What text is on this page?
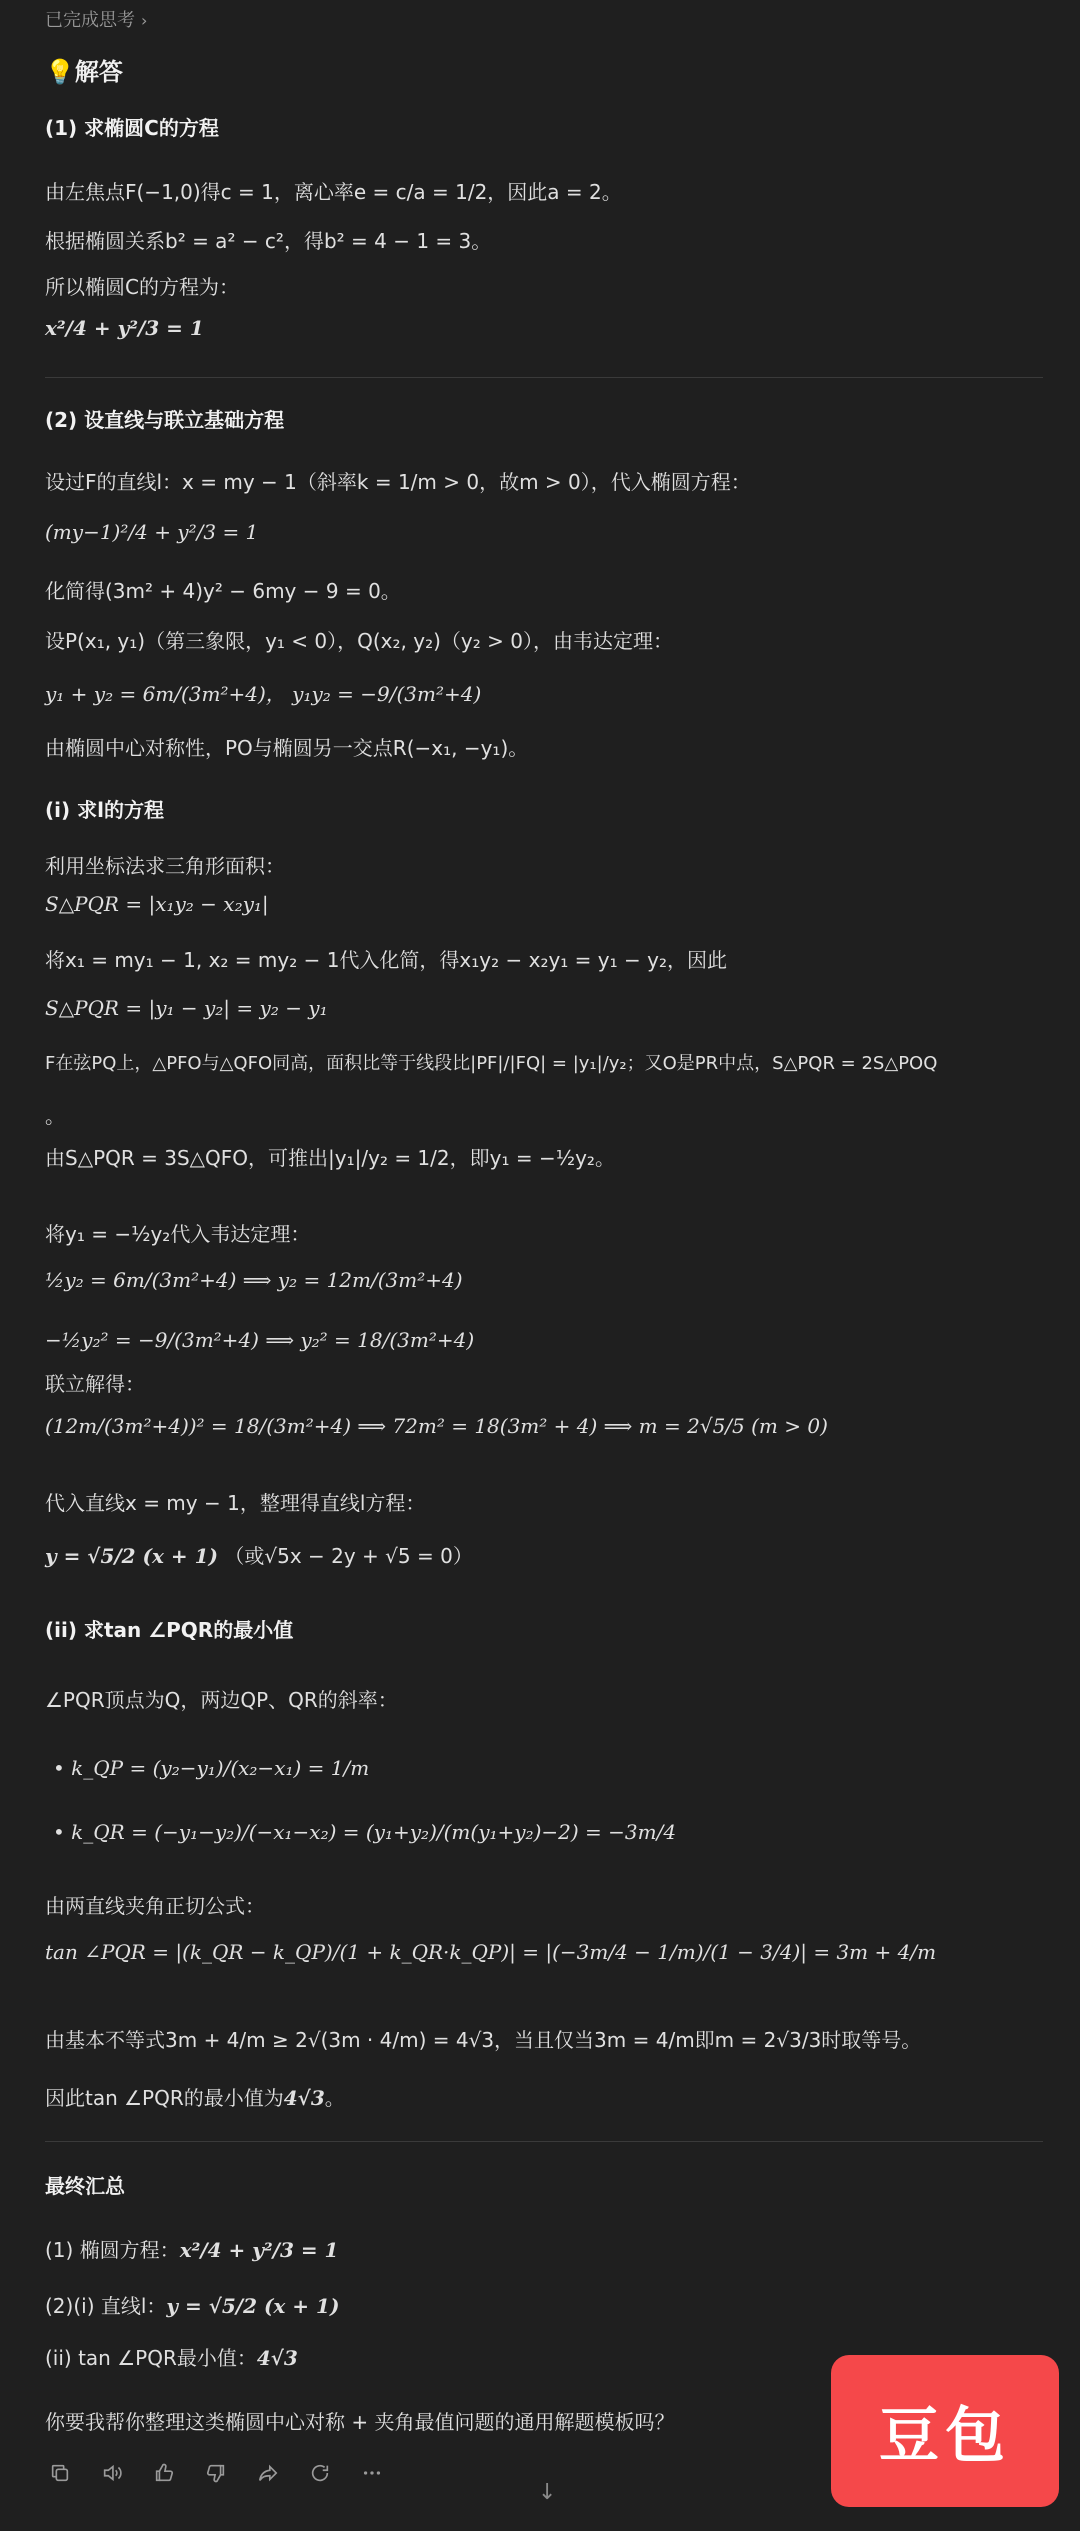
已完成思考 ›
💡解答
(1) 求椭圆C的方程
由左焦点F(−1,0)得c = 1，离心率e = c/a = 1/2，因此a = 2。
根据椭圆关系b² = a² − c²，得b² = 4 − 1 = 3。
所以椭圆C的方程为：
x²/4 + y²/3 = 1
(2) 设直线与联立基础方程
设过F的直线l：x = my − 1（斜率k = 1/m > 0，故m > 0），代入椭圆方程：
(my−1)²/4 + y²/3 = 1
化简得(3m² + 4)y² − 6my − 9 = 0。
设P(x₁, y₁)（第三象限，y₁ < 0），Q(x₂, y₂)（y₂ > 0），由韦达定理：
y₁ + y₂ = 6m/(3m²+4)， y₁y₂ = −9/(3m²+4)
由椭圆中心对称性，PO与椭圆另一交点R(−x₁, −y₁)。
(i) 求l的方程
利用坐标法求三角形面积：
S△PQR = |x₁y₂ − x₂y₁|
将x₁ = my₁ − 1, x₂ = my₂ − 1代入化简，得x₁y₂ − x₂y₁ = y₁ − y₂，因此
S△PQR = |y₁ − y₂| = y₂ − y₁
F在弦PQ上，△PFO与△QFO同高，面积比等于线段比|PF|/|FQ| = |y₁|/y₂；又O是PR中点，S△PQR = 2S△POQ
。
由S△PQR = 3S△QFO，可推出|y₁|/y₂ = 1/2，即y₁ = −½y₂。
将y₁ = −½y₂代入韦达定理：
½y₂ = 6m/(3m²+4) ⟹ y₂ = 12m/(3m²+4)
−½y₂² = −9/(3m²+4) ⟹ y₂² = 18/(3m²+4)
联立解得：
(12m/(3m²+4))² = 18/(3m²+4) ⟹ 72m² = 18(3m² + 4) ⟹ m = 2√5/5 (m > 0)
代入直线x = my − 1，整理得直线l方程：
y = √5/2 (x + 1) （或√5x − 2y + √5 = 0）
(ii) 求tan ∠PQR的最小值
∠PQR顶点为Q，两边QP、QR的斜率：
• k_QP = (y₂−y₁)/(x₂−x₁) = 1/m
• k_QR = (−y₁−y₂)/(−x₁−x₂) = (y₁+y₂)/(m(y₁+y₂)−2) = −3m/4
由两直线夹角正切公式：
tan ∠PQR = |(k_QR − k_QP)/(1 + k_QR·k_QP)| = |(−3m/4 − 1/m)/(1 − 3/4)| = 3m + 4/m
由基本不等式3m + 4/m ≥ 2√(3m · 4/m) = 4√3，当且仅当3m = 4/m即m = 2√3/3时取等号。
因此tan ∠PQR的最小值为4√3。
最终汇总
(1) 椭圆方程：x²/4 + y²/3 = 1
(2)(i) 直线l：y = √5/2 (x + 1)
(ii) tan ∠PQR最小值：4√3
你要我帮你整理这类椭圆中心对称 + 夹角最值问题的通用解题模板吗？	豆包
↓
